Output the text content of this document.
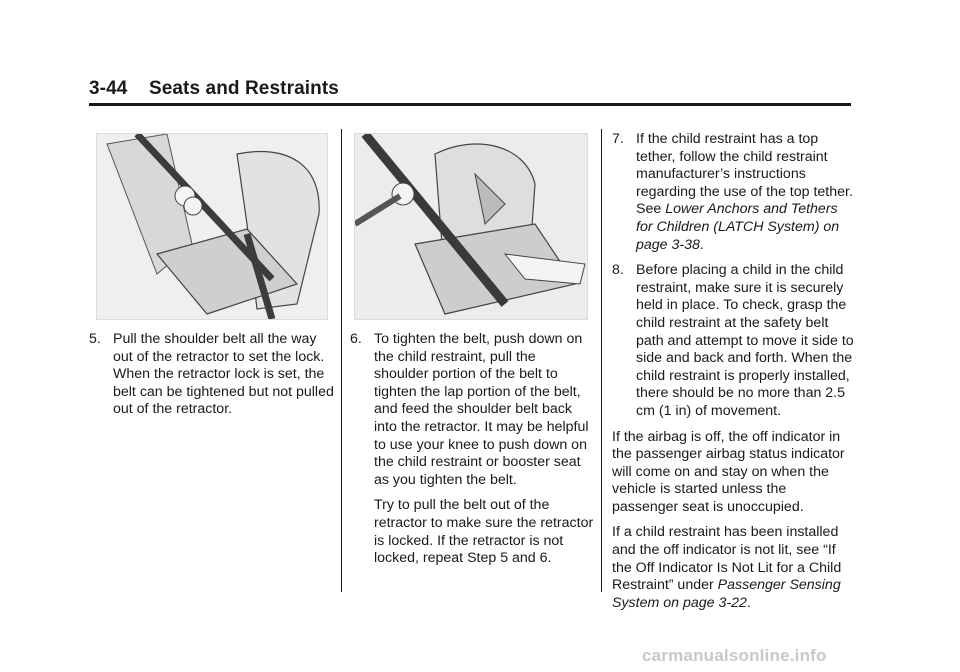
3-44 Seats and Restraints
5. Pull the shoulder belt all the way out of the retractor to set the lock. When the retractor lock is set, the belt can be tightened but not pulled out of the retractor.
6. To tighten the belt, push down on the child restraint, pull the shoulder portion of the belt to tighten the lap portion of the belt, and feed the shoulder belt back into the retractor. It may be helpful to use your knee to push down on the child restraint or booster seat as you tighten the belt.
Try to pull the belt out of the retractor to make sure the retractor is locked. If the retractor is not locked, repeat Step 5 and 6.
7. If the child restraint has a top tether, follow the child restraint manufacturer’s instructions regarding the use of the top tether. See Lower Anchors and Tethers for Children (LATCH System) on page 3-38.
8. Before placing a child in the child restraint, make sure it is securely held in place. To check, grasp the child restraint at the safety belt path and attempt to move it side to side and back and forth. When the child restraint is properly installed, there should be no more than 2.5 cm (1 in) of movement.
If the airbag is off, the off indicator in the passenger airbag status indicator will come on and stay on when the vehicle is started unless the passenger seat is unoccupied.
If a child restraint has been installed and the off indicator is not lit, see “If the Off Indicator Is Not Lit for a Child Restraint” under Passenger Sensing System on page 3-22.
carmanualsonline.info
